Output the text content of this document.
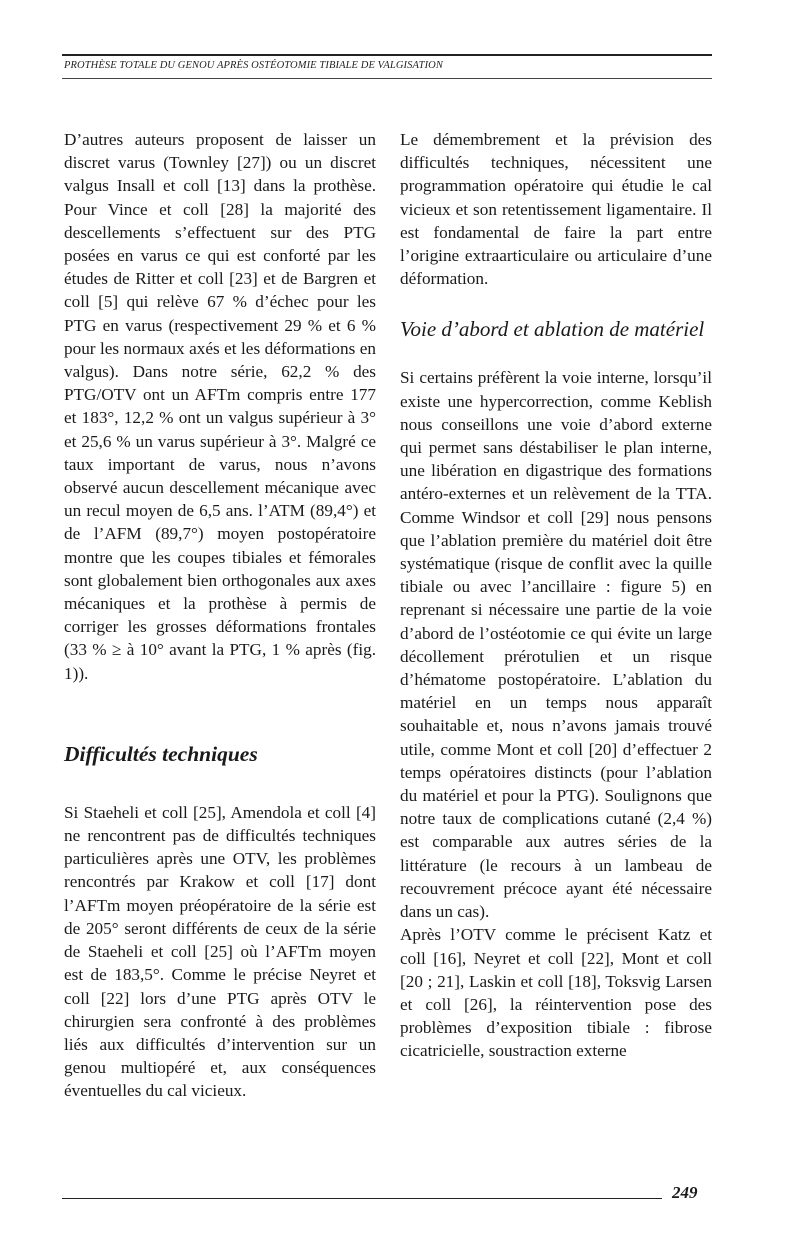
PROTHÈSE TOTALE DU GENOU APRÈS OSTÉOTOMIE TIBIALE DE VALGISATION

D’autres auteurs proposent de laisser un discret varus (Townley [27]) ou un discret valgus Insall et coll [13] dans la prothèse. Pour Vince et coll [28] la majorité des descellements s’effectuent sur des PTG posées en varus ce qui est conforté par les études de Ritter et coll [23] et de Bargren et coll [5] qui relève 67 % d’échec pour les PTG en varus (respectivement 29 % et 6 % pour les normaux axés et les déformations en valgus). Dans notre série, 62,2 % des PTG/OTV ont un AFTm compris entre 177 et 183°, 12,2 % ont un valgus supérieur à 3° et 25,6 % un varus supérieur à 3°. Malgré ce taux important de varus, nous n’avons observé aucun descellement mécanique avec un recul moyen de 6,5 ans. l’ATM (89,4°) et de l’AFM (89,7°) moyen postopératoire montre que les coupes tibiales et fémorales sont globalement bien orthogonales aux axes mécaniques et la prothèse à permis de corriger les grosses déformations frontales (33 % ≥ à 10° avant la PTG, 1 % après (fig. 1)).

Difficultés techniques

Si Staeheli et coll [25], Amendola et coll [4] ne rencontrent pas de difficultés techniques particulières après une OTV, les problèmes rencontrés par Krakow et coll [17] dont l’AFTm moyen préopératoire de la série est de 205° seront différents de ceux de la série de Staeheli et coll [25] où l’AFTm moyen est de 183,5°. Comme le précise Neyret et coll [22] lors d’une PTG après OTV le chirurgien sera confronté à des problèmes liés aux difficultés d’intervention sur un genou multiopéré et, aux conséquences éventuelles du cal vicieux.

Le démembrement et la prévision des difficultés techniques, nécessitent une programmation opératoire qui étudie le cal vicieux et son retentissement ligamentaire. Il est fondamental de faire la part entre l’origine extraarticulaire ou articulaire d’une déformation.

Voie d’abord et ablation de matériel

Si certains préfèrent la voie interne, lorsqu’il existe une hypercorrection, comme Keblish nous conseillons une voie d’abord externe qui permet sans déstabiliser le plan interne, une libération en digastrique des formations antéro-externes et un relèvement de la TTA. Comme Windsor et coll [29] nous pensons que l’ablation première du matériel doit être systématique (risque de conflit avec la quille tibiale ou avec l’ancillaire : figure 5) en reprenant si nécessaire une partie de la voie d’abord de l’ostéotomie ce qui évite un large décollement prérotulien et un risque d’hématome postopératoire. L’ablation du matériel en un temps nous apparaît souhaitable et, nous n’avons jamais trouvé utile, comme Mont et coll [20] d’effectuer 2 temps opératoires distincts (pour l’ablation du matériel et pour la PTG). Soulignons que notre taux de complications cutané (2,4 %) est comparable aux autres séries de la littérature (le recours à un lambeau de recouvrement précoce ayant été nécessaire dans un cas).

Après l’OTV comme le précisent Katz et coll [16], Neyret et coll [22], Mont et coll [20 ; 21], Laskin et coll [18], Toksvig Larsen et coll [26], la réintervention pose des problèmes d’exposition tibiale : fibrose cicatricielle, soustraction externe

249
